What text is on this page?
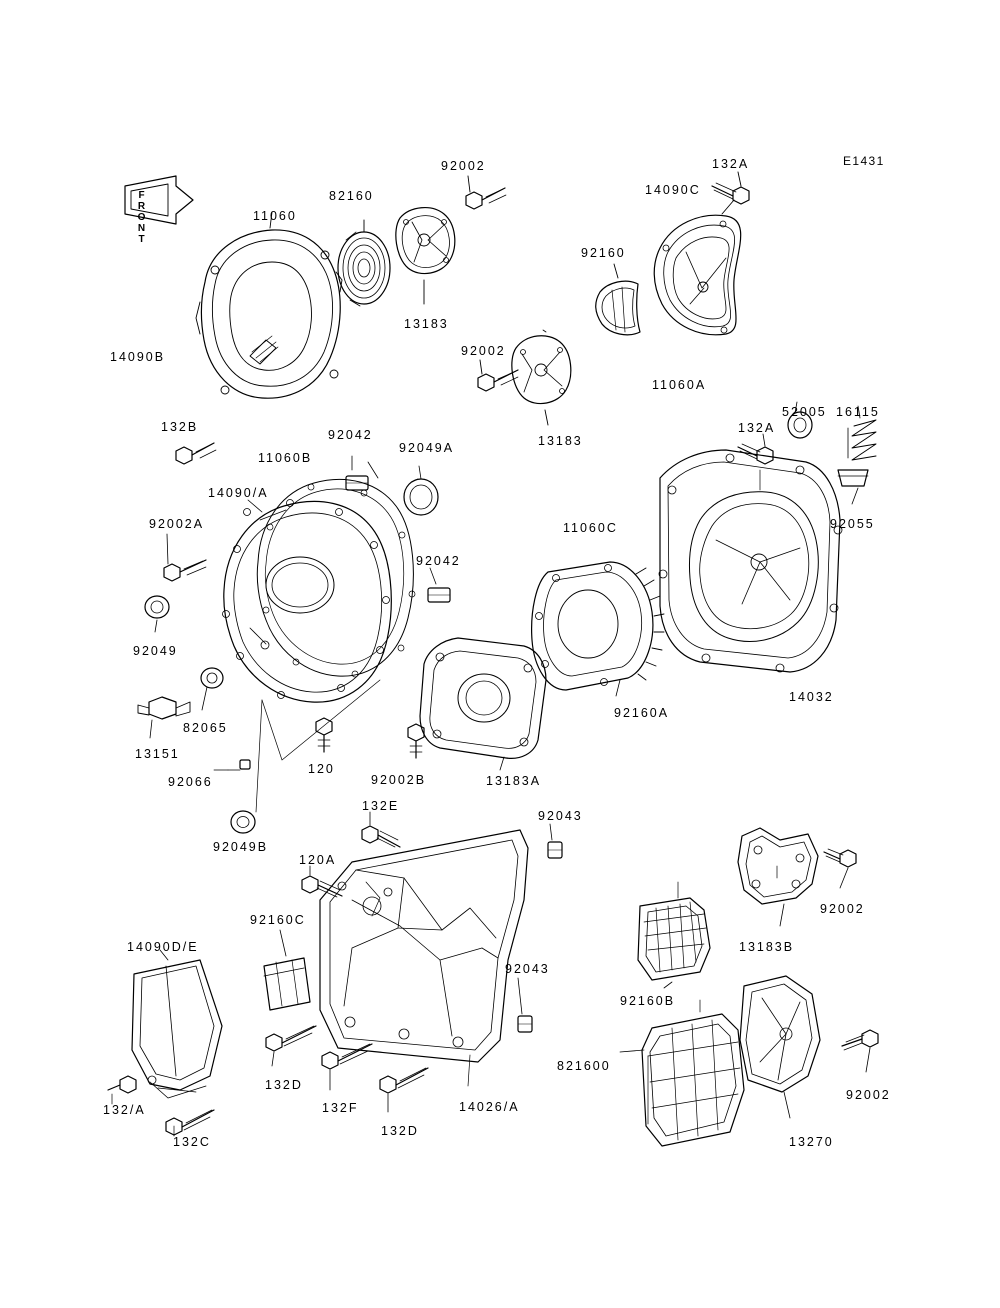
FRONT
E1431
92002	132A
14090C
82160
11060
92160
13183
92002
14090B
11060A
52005
132A
16115
132B
13183
92042
92049A
11060B
14090/A
92002A	11060C	92055
92042
92049
92160A
14032
82065
13151
120
92066	92002B	13183A
132E
92043
92049B
120A
92002
92160C
13183B
14090D/E
92043
92160B
821600
132D
92002
132F
132D
14026/A
132/A
13270
132C
